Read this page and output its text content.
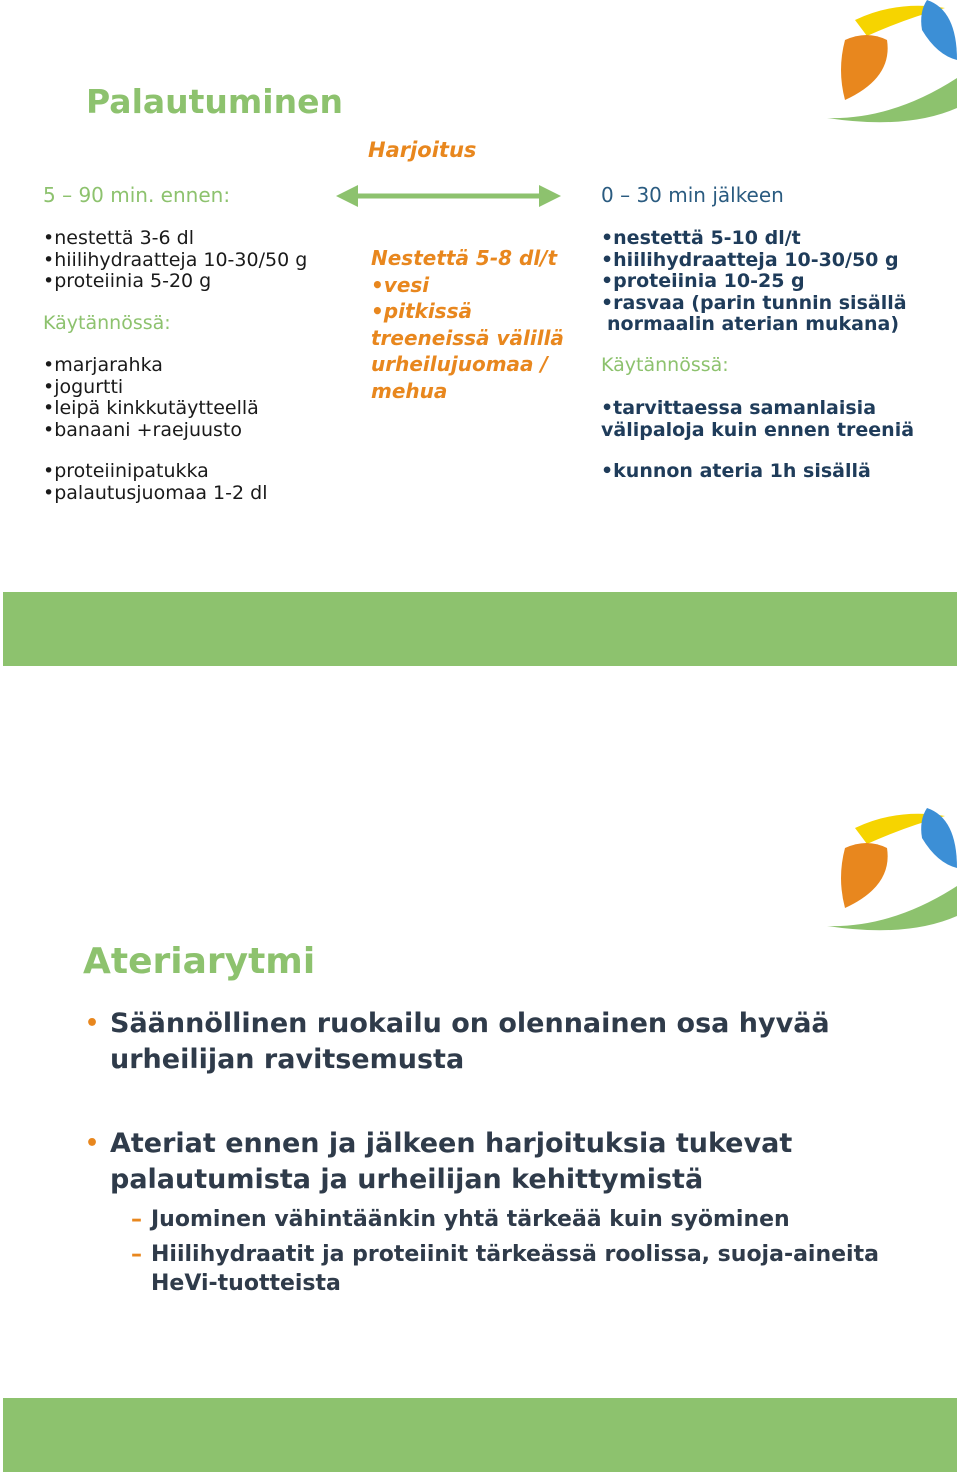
Palautuminen
Harjoitus
5 – 90 min. ennen:
• nestettä 3-6 dl
• hiilihydraatteja 10-30/50 g
• proteiinia 5-20 g
Käytännössä:
• marjarahka
• jogurtti
• leipä kinkkutäytteellä
• banaani +raejuusto
• proteiinipatukka
• palautusjuomaa 1-2 dl
Nestettä 5-8 dl/t
• vesi
• pitkissä
treeneissä välillä
urheilujuomaa /
mehua
0 – 30 min jälkeen
• nestettä 5-10 dl/t
• hiilihydraatteja 10-30/50 g
• proteiinia 10-25 g
• rasvaa (parin tunnin sisällä
normaalin aterian mukana)
Käytännössä:
• tarvittaessa samanlaisia
välipaloja kuin ennen treeniä
• kunnon ateria 1h sisällä
Ateriarytmi
• Säännöllinen ruokailu on olennainen osa hyvää
urheilijan ravitsemusta
• Ateriat ennen ja jälkeen harjoituksia tukevat
palautumista ja urheilijan kehittymistä
– Juominen vähintäänkin yhtä tärkeää kuin syöminen
– Hiilihydraatit ja proteiinit tärkeässä roolissa, suoja-aineita
HeVi-tuotteista
